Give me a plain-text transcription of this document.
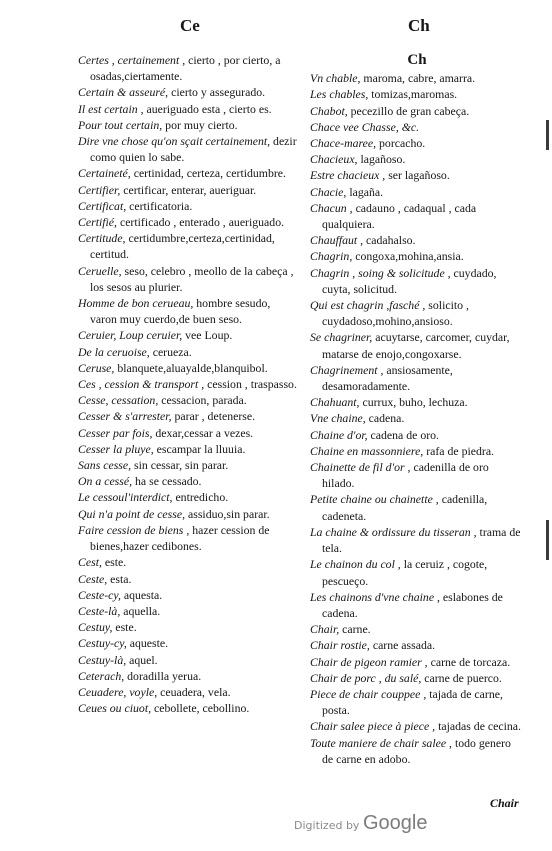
Ce	Ch

Certes , certainement , cierto , por cierto, a osadas,ciertamente.

Certain & asseuré, cierto y assegurado.

Il est certain , aueriguado esta , cierto es.

Pour tout certain, por muy cierto.

Dire vne chose qu'on sçait certainement, dezir como quien lo sabe.

Certaineté, certinidad, certeza, certidumbre.

Certifier, certificar, enterar, aueriguar.

Certificat, certificatoria.

Certifié, certificado , enterado , aueriguado.

Certitude, certidumbre,certeza,certinidad, certitud.

Ceruelle, seso, celebro , meollo de la cabeça , los sesos au plurier.

Homme de bon cerueau, hombre sesudo, varon muy cuerdo,de buen seso.

Ceruier, Loup ceruier, vee Loup.

De la ceruoise, cerueza.

Ceruse, blanquete,aluayalde,blanquibol.

Ces , cession & transport , cession , traspasso.

Cesse, cessation, cessacion, parada.

Cesser & s'arrester, parar , detenerse.

Cesser par fois, dexar,cessar a vezes.

Cesser la pluye, escampar la lluuia.

Sans cesse, sin cessar, sin parar.

On a cessé, ha se cessado.

Le cessoul'interdict, entredicho.

Qui n'a point de cesse, assiduo,sin parar.

Faire cession de biens , hazer cession de bienes,hazer cedibones.

Cest, este.

Ceste, esta.

Ceste-cy, aquesta.

Ceste-là, aquella.

Cestuy, este.

Cestuy-cy, aqueste.

Cestuy-là, aquel.

Ceterach, doradilla yerua.

Ceuadere, voyle, ceuadera, vela.

Ceues ou ciuot, cebollete, cebollino.

Ch

Vn chable, maroma, cabre, amarra.

Les chables, tomizas,maromas.

Chabot, pecezillo de gran cabeça.

Chace vee Chasse, &c.

Chace-maree, porcacho.

Chacieux, lagañoso.

Estre chacieux , ser lagañoso.

Chacie, lagaña.

Chacun , cadauno , cadaqual , cada qualquiera.

Chauffaut , cadahalso.

Chagrin, congoxa,mohina,ansia.

Chagrin , soing & solicitude , cuydado, cuyta, solicitud.

Qui est chagrin ,fasché , solicito , cuydadoso,mohino,ansioso.

Se chagriner, acuytarse, carcomer, cuydar, matarse de enojo,congoxarse.

Chagrinement , ansiosamente, desamoradamente.

Chahuant, currux, buho, lechuza.

Vne chaine, cadena.

Chaine d'or, cadena de oro.

Chaine en massonniere, rafa de piedra.

Chainette de fil d'or , cadenilla de oro hilado.

Petite chaine ou chainette , cadenilla, cadeneta.

La chaine & ordissure du tisseran , trama de tela.

Le chainon du col , la ceruiz , cogote, pescueço.

Les chainons d'vne chaine , eslabones de cadena.

Chair, carne.

Chair rostie, carne assada.

Chair de pigeon ramier , carne de torcaza.

Chair de porc , du salé, carne de puerco.

Piece de chair couppee , tajada de carne, posta.

Chair salee piece à piece , tajadas de cecina.

Toute maniere de chair salee , todo genero de carne en adobo.

Chair
Digitized by Google
